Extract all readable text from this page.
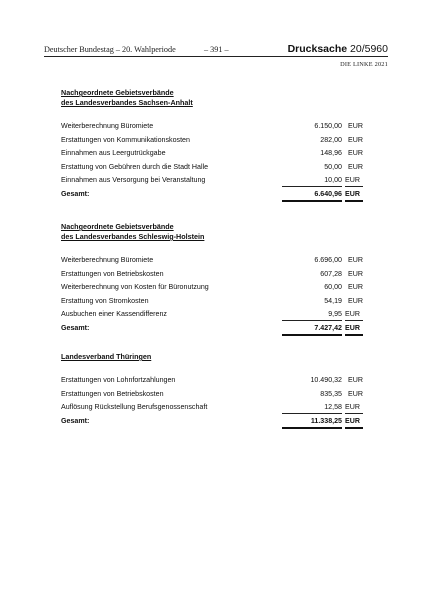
Deutscher Bundestag – 20. Wahlperiode	– 391 –	Drucksache 20/5960
DIE LINKE 2021
Nachgeordnete Gebietsverbände
des Landesverbandes Sachsen-Anhalt
Weiterberechnung Büromiete	6.150,00 EUR
Erstattungen von Kommunikationskosten	282,00 EUR
Einnahmen aus Leergutrückgabe	148,96 EUR
Erstattung von Gebühren durch die Stadt Halle	50,00 EUR
Einnahmen aus Versorgung bei Veranstaltung	10,00 EUR
Gesamt:	6.640,96 EUR
Nachgeordnete Gebietsverbände
des Landesverbandes Schleswig-Holstein
Weiterberechnung Büromiete	6.696,00 EUR
Erstattungen von Betriebskosten	607,28 EUR
Weiterberechnung von Kosten für Büronutzung	60,00 EUR
Erstattung von Stromkosten	54,19 EUR
Ausbuchen einer Kassendifferenz	9,95 EUR
Gesamt:	7.427,42 EUR
Landesverband Thüringen
Erstattungen von Lohnfortzahlungen	10.490,32 EUR
Erstattungen von Betriebskosten	835,35 EUR
Auflösung Rückstellung Berufsgenossenschaft	12,58 EUR
Gesamt:	11.338,25 EUR
